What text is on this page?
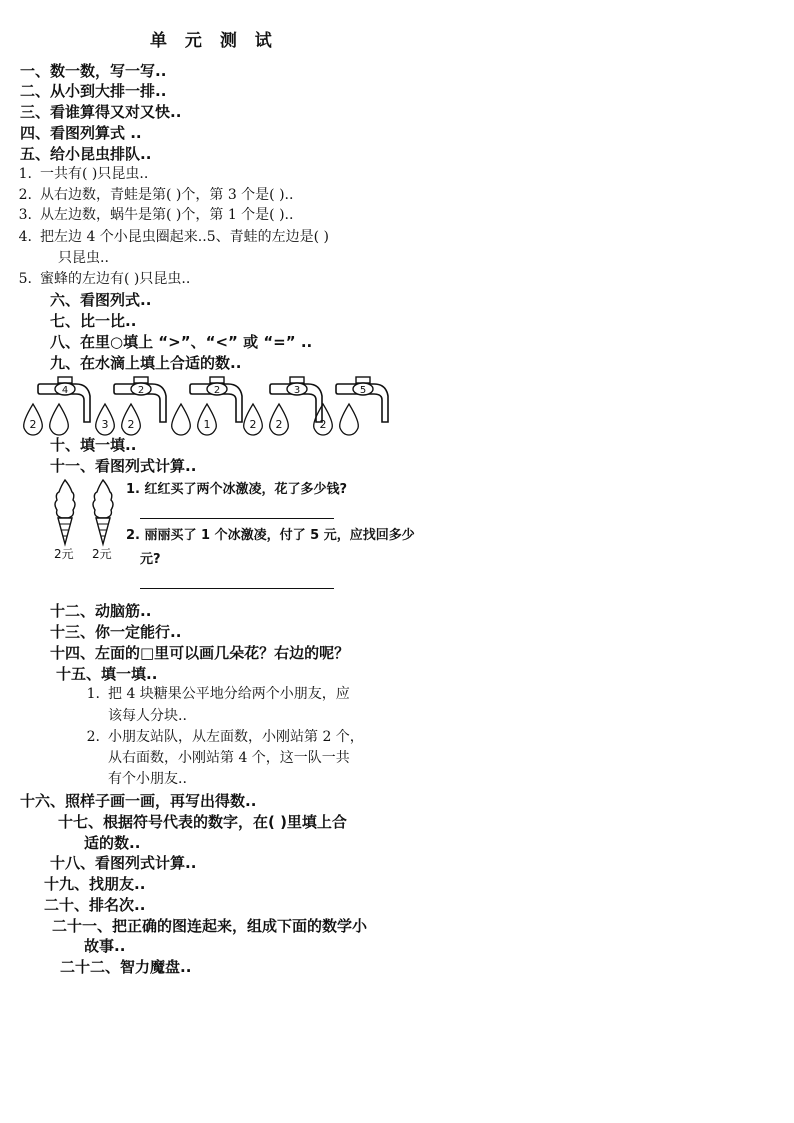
单 元 测 试
一、数一数，写一写..
二、从小到大排一排..
三、看谁算得又对又快..
四、看图列算式 ..
五、给小昆虫排队..
1. 一共有( )只昆虫..
2. 从右边数，青蛙是第( )个，第 3 个是( )..
3. 从左边数，蜗牛是第( )个，第 1 个是( )..
4. 把左边 4 个小昆虫圈起来..5、青蛙的左边是( )
只昆虫..
5. 蜜蜂的左边有( )只昆虫..
六、看图列式..
七、比一比..
八、在里○填上 “>”、“<” 或 “=” ..
九、在水滴上填上合适的数..
4	2	2	3	5
2	3 2	1	2 2	2
十、填一填..
十一、看图列式计算..
2元 2元
1. 红红买了两个冰激凌，花了多少钱?
2. 丽丽买了 1 个冰激凌，付了 5 元，应找回多少
元?
十二、动脑筋..
十三、你一定能行..
十四、左面的□里可以画几朵花？右边的呢？
十五、填一填..
1. 把 4 块糖果公平地分给两个小朋友，应
该每人分块..
2. 小朋友站队，从左面数，小刚站第 2 个，
从右面数，小刚站第 4 个，这一队一共
有个小朋友..
十六、照样子画一画，再写出得数..
十七、根据符号代表的数字，在( )里填上合
适的数..
十八、看图列式计算..
十九、找朋友..
二十、排名次..
二十一、把正确的图连起来，组成下面的数学小
故事..
二十二、智力魔盘..
